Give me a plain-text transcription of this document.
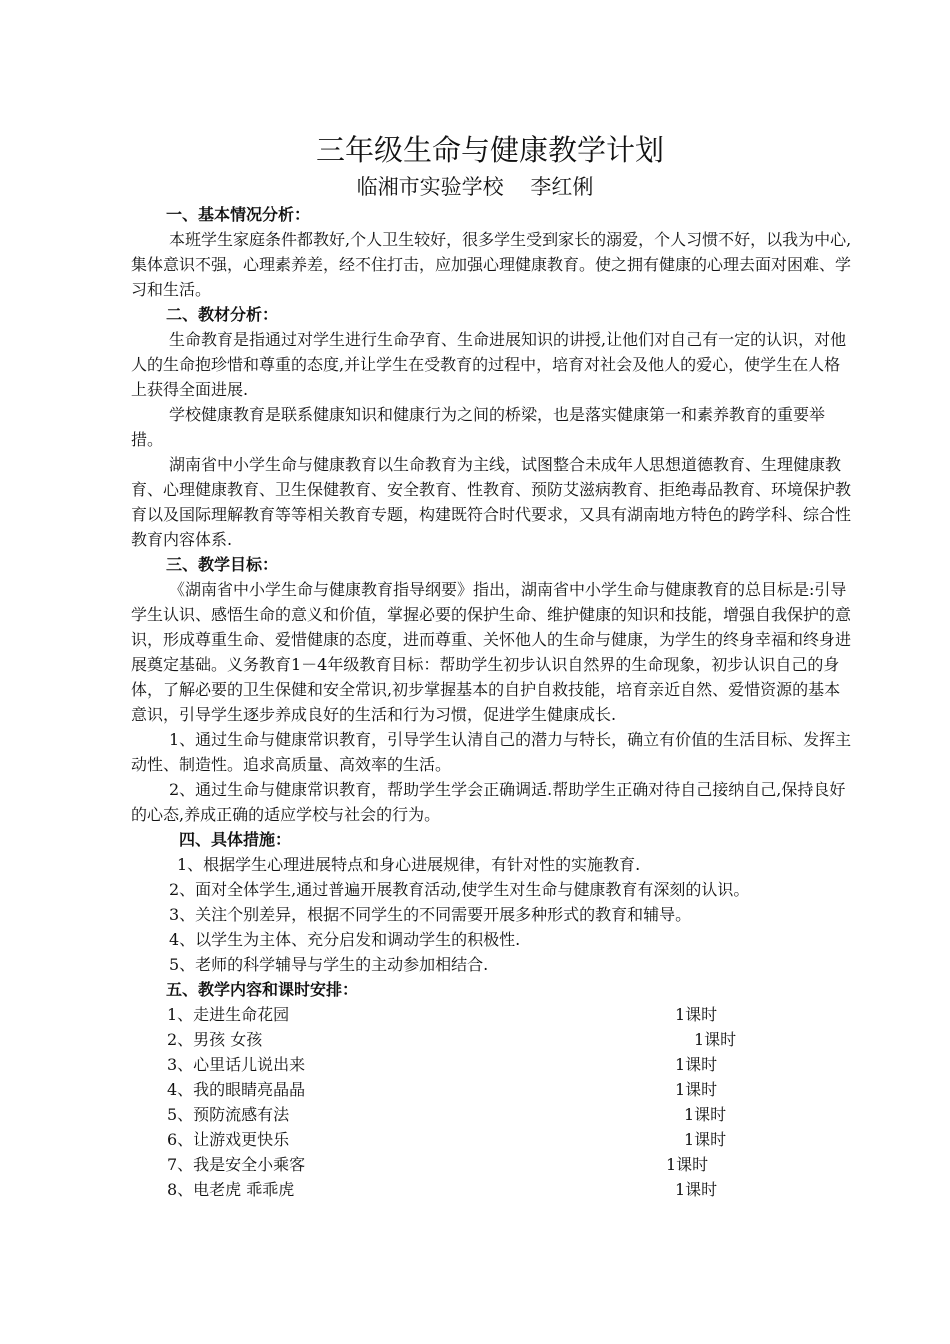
三年级生命与健康教学计划
临湘市实验学校    李红俐
一、基本情况分析：

本班学生家庭条件都教好,个人卫生较好，很多学生受到家长的溺爱，个人习惯不好，以我为中心,集体意识不强，心理素养差，经不住打击，应加强心理健康教育。使之拥有健康的心理去面对困难、学习和生活。

二、教材分析：

生命教育是指通过对学生进行生命孕育、生命进展知识的讲授,让他们对自己有一定的认识，对他人的生命抱珍惜和尊重的态度,并让学生在受教育的过程中，培育对社会及他人的爱心，使学生在人格上获得全面进展.

学校健康教育是联系健康知识和健康行为之间的桥梁，也是落实健康第一和素养教育的重要举措。

湖南省中小学生命与健康教育以生命教育为主线，试图整合未成年人思想道德教育、生理健康教育、心理健康教育、卫生保健教育、安全教育、性教育、预防艾滋病教育、拒绝毒品教育、环境保护教育以及国际理解教育等等相关教育专题，构建既符合时代要求，又具有湖南地方特色的跨学科、综合性教育内容体系.

三、教学目标：

《湖南省中小学生命与健康教育指导纲要》指出，湖南省中小学生命与健康教育的总目标是:引导学生认识、感悟生命的意义和价值，掌握必要的保护生命、维护健康的知识和技能，增强自我保护的意识，形成尊重生命、爱惜健康的态度，进而尊重、关怀他人的生命与健康，为学生的终身幸福和终身进展奠定基础。义务教育1－4年级教育目标：帮助学生初步认识自然界的生命现象，初步认识自己的身体，了解必要的卫生保健和安全常识,初步掌握基本的自护自救技能，培育亲近自然、爱惜资源的基本意识，引导学生逐步养成良好的生活和行为习惯，促进学生健康成长.

1、通过生命与健康常识教育，引导学生认清自己的潜力与特长，确立有价值的生活目标、发挥主动性、制造性。追求高质量、高效率的生活。

2、通过生命与健康常识教育，帮助学生学会正确调适.帮助学生正确对待自己接纳自己,保持良好的心态,养成正确的适应学校与社会的行为。

四、具体措施：
1、根据学生心理进展特点和身心进展规律，有针对性的实施教育.
2、面对全体学生,通过普遍开展教育活动,使学生对生命与健康教育有深刻的认识。
3、关注个别差异，根据不同学生的不同需要开展多种形式的教育和辅导。
4、以学生为主体、充分启发和调动学生的积极性.
5、老师的科学辅导与学生的主动参加相结合.
五、教学内容和课时安排：
1、走进生命花园	1课时
2、男孩 女孩	1课时
3、心里话儿说出来	1课时
4、我的眼睛亮晶晶	1课时
5、预防流感有法	1课时
6、让游戏更快乐	1课时
7、我是安全小乘客	1课时
8、电老虎 乖乖虎	1课时
